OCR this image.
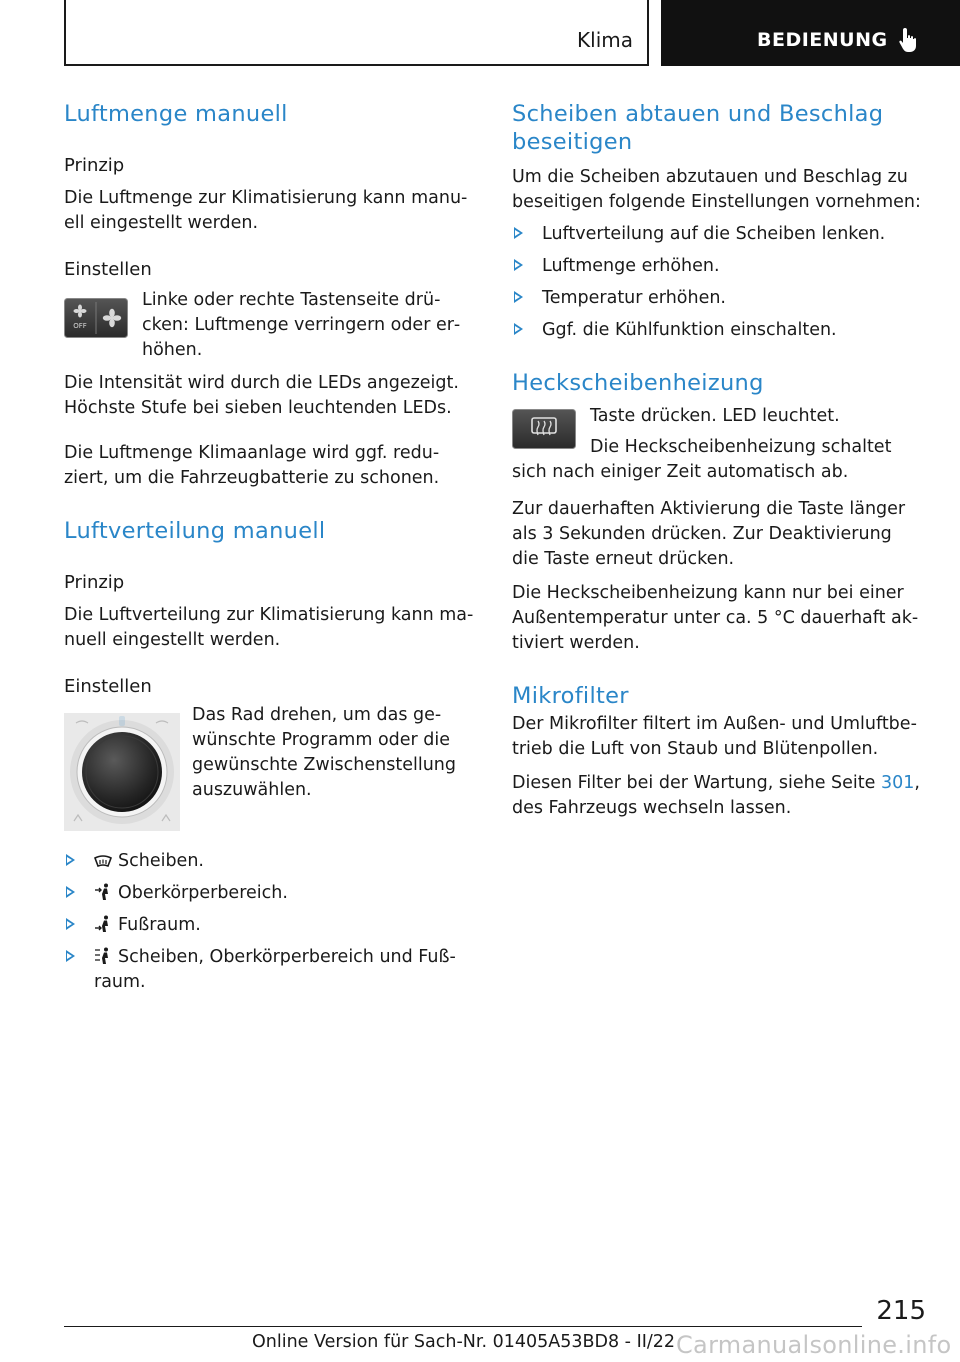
Klima	BEDIENUNG
Luftmenge manuell
Prinzip

Die Luftmenge zur Klimatisierung kann manuell eingestellt werden.

Einstellen
OFF

Linke oder rechte Tastenseite drücken: Luftmenge verringern oder erhöhen.

Die Intensität wird durch die LEDs angezeigt. Höchste Stufe bei sieben leuchtenden LEDs.

Die Luftmenge Klimaanlage wird ggf. reduziert, um die Fahrzeugbatterie zu schonen.

Luftverteilung manuell
Prinzip

Die Luftverteilung zur Klimatisierung kann manuell eingestellt werden.

Einstellen

Das Rad drehen, um das gewünschte Programm oder die gewünschte Zwischenstellung auszuwählen.

Scheiben.
Oberkörperbereich.
Fußraum.
Scheiben, Oberkörperbereich und Fußraum.
Scheiben abtauen und Beschlag beseitigen

Um die Scheiben abzutauen und Beschlag zu beseitigen folgende Einstellungen vornehmen:

Luftverteilung auf die Scheiben lenken.
Luftmenge erhöhen.
Temperatur erhöhen.
Ggf. die Kühlfunktion einschalten.
Heckscheibenheizung

Taste drücken. LED leuchtet.

Die Heckscheibenheizung schaltet sich nach einiger Zeit automatisch ab.

Zur dauerhaften Aktivierung die Taste länger als 3 Sekunden drücken. Zur Deaktivierung die Taste erneut drücken.

Die Heckscheibenheizung kann nur bei einer Außentemperatur unter ca. 5 °C dauerhaft aktiviert werden.

Mikrofilter

Der Mikrofilter filtert im Außen- und Umluftbetrieb die Luft von Staub und Blütenpollen.

Diesen Filter bei der Wartung, siehe Seite 301,
des Fahrzeugs wechseln lassen.

215
Online Version für Sach-Nr. 01405A53BD8 - II/22 Carmanualsonline.info
